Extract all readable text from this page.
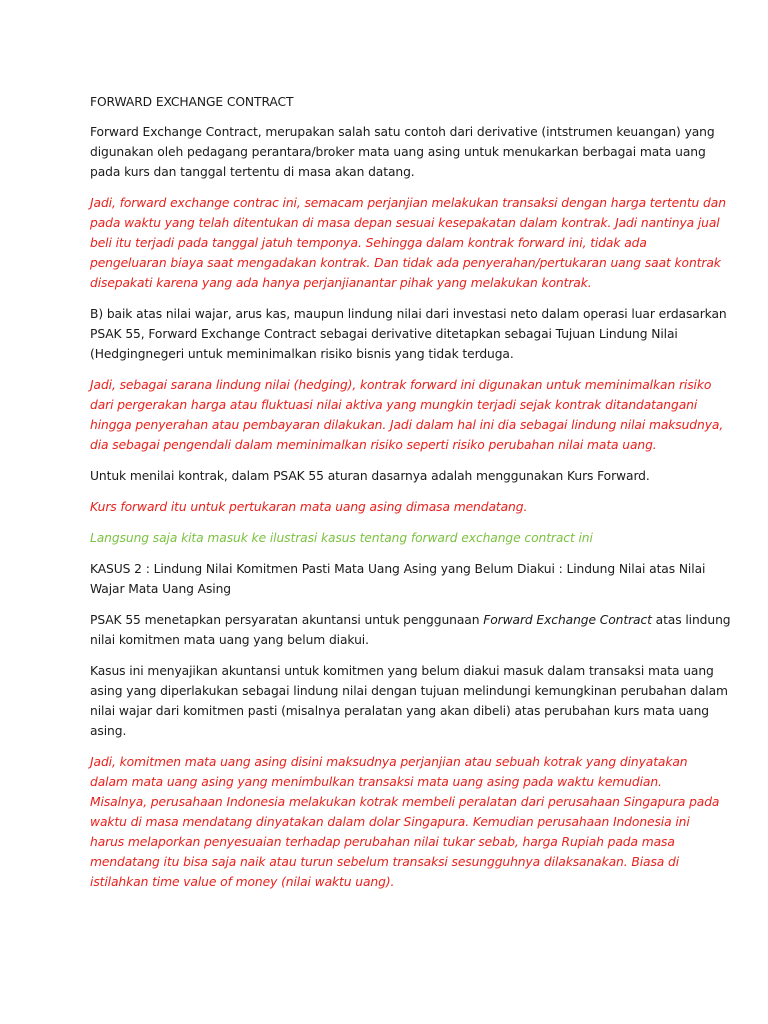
FORWARD EXCHANGE CONTRACT
Forward Exchange Contract, merupakan salah satu contoh dari derivative (intstrumen keuangan) yang
digunakan oleh pedagang perantara/broker mata uang asing untuk menukarkan berbagai mata uang
pada kurs dan tanggal tertentu di masa akan datang.
Jadi, forward exchange contrac ini, semacam perjanjian melakukan transaksi dengan harga tertentu dan
pada waktu yang telah ditentukan di masa depan sesuai kesepakatan dalam kontrak. Jadi nantinya jual
beli itu terjadi pada tanggal jatuh temponya. Sehingga dalam kontrak forward ini, tidak ada
pengeluaran biaya saat mengadakan kontrak. Dan tidak ada penyerahan/pertukaran uang saat kontrak
disepakati karena yang ada hanya perjanjianantar pihak yang melakukan kontrak.
B) baik atas nilai wajar, arus kas, maupun lindung nilai dari investasi neto dalam operasi luar erdasarkan
PSAK 55, Forward Exchange Contract sebagai derivative ditetapkan sebagai Tujuan Lindung Nilai
(Hedgingnegeri untuk meminimalkan risiko bisnis yang tidak terduga.
Jadi, sebagai sarana lindung nilai (hedging), kontrak forward ini digunakan untuk meminimalkan risiko
dari pergerakan harga atau fluktuasi nilai aktiva yang mungkin terjadi sejak kontrak ditandatangani
hingga penyerahan atau pembayaran dilakukan. Jadi dalam hal ini dia sebagai lindung nilai maksudnya,
dia sebagai pengendali dalam meminimalkan risiko seperti risiko perubahan nilai mata uang.
Untuk menilai kontrak, dalam PSAK 55 aturan dasarnya adalah menggunakan Kurs Forward.
Kurs forward itu untuk pertukaran mata uang asing dimasa mendatang.
Langsung saja kita masuk ke ilustrasi kasus tentang forward exchange contract ini
KASUS 2 : Lindung Nilai Komitmen Pasti Mata Uang Asing yang Belum Diakui : Lindung Nilai atas Nilai
Wajar Mata Uang Asing
PSAK 55 menetapkan persyaratan akuntansi untuk penggunaan Forward Exchange Contract atas lindung
nilai komitmen mata uang yang belum diakui.
Kasus ini menyajikan akuntansi untuk komitmen yang belum diakui masuk dalam transaksi mata uang
asing yang diperlakukan sebagai lindung nilai dengan tujuan melindungi kemungkinan perubahan dalam
nilai wajar dari komitmen pasti (misalnya peralatan yang akan dibeli) atas perubahan kurs mata uang
asing.
Jadi, komitmen mata uang asing disini maksudnya perjanjian atau sebuah kotrak yang dinyatakan
dalam mata uang asing yang menimbulkan transaksi mata uang asing pada waktu kemudian.
Misalnya, perusahaan Indonesia melakukan kotrak membeli peralatan dari perusahaan Singapura pada
waktu di masa mendatang dinyatakan dalam dolar Singapura. Kemudian perusahaan Indonesia ini
harus melaporkan penyesuaian terhadap perubahan nilai tukar sebab, harga Rupiah pada masa
mendatang itu bisa saja naik atau turun sebelum transaksi sesungguhnya dilaksanakan. Biasa di
istilahkan time value of money (nilai waktu uang).
